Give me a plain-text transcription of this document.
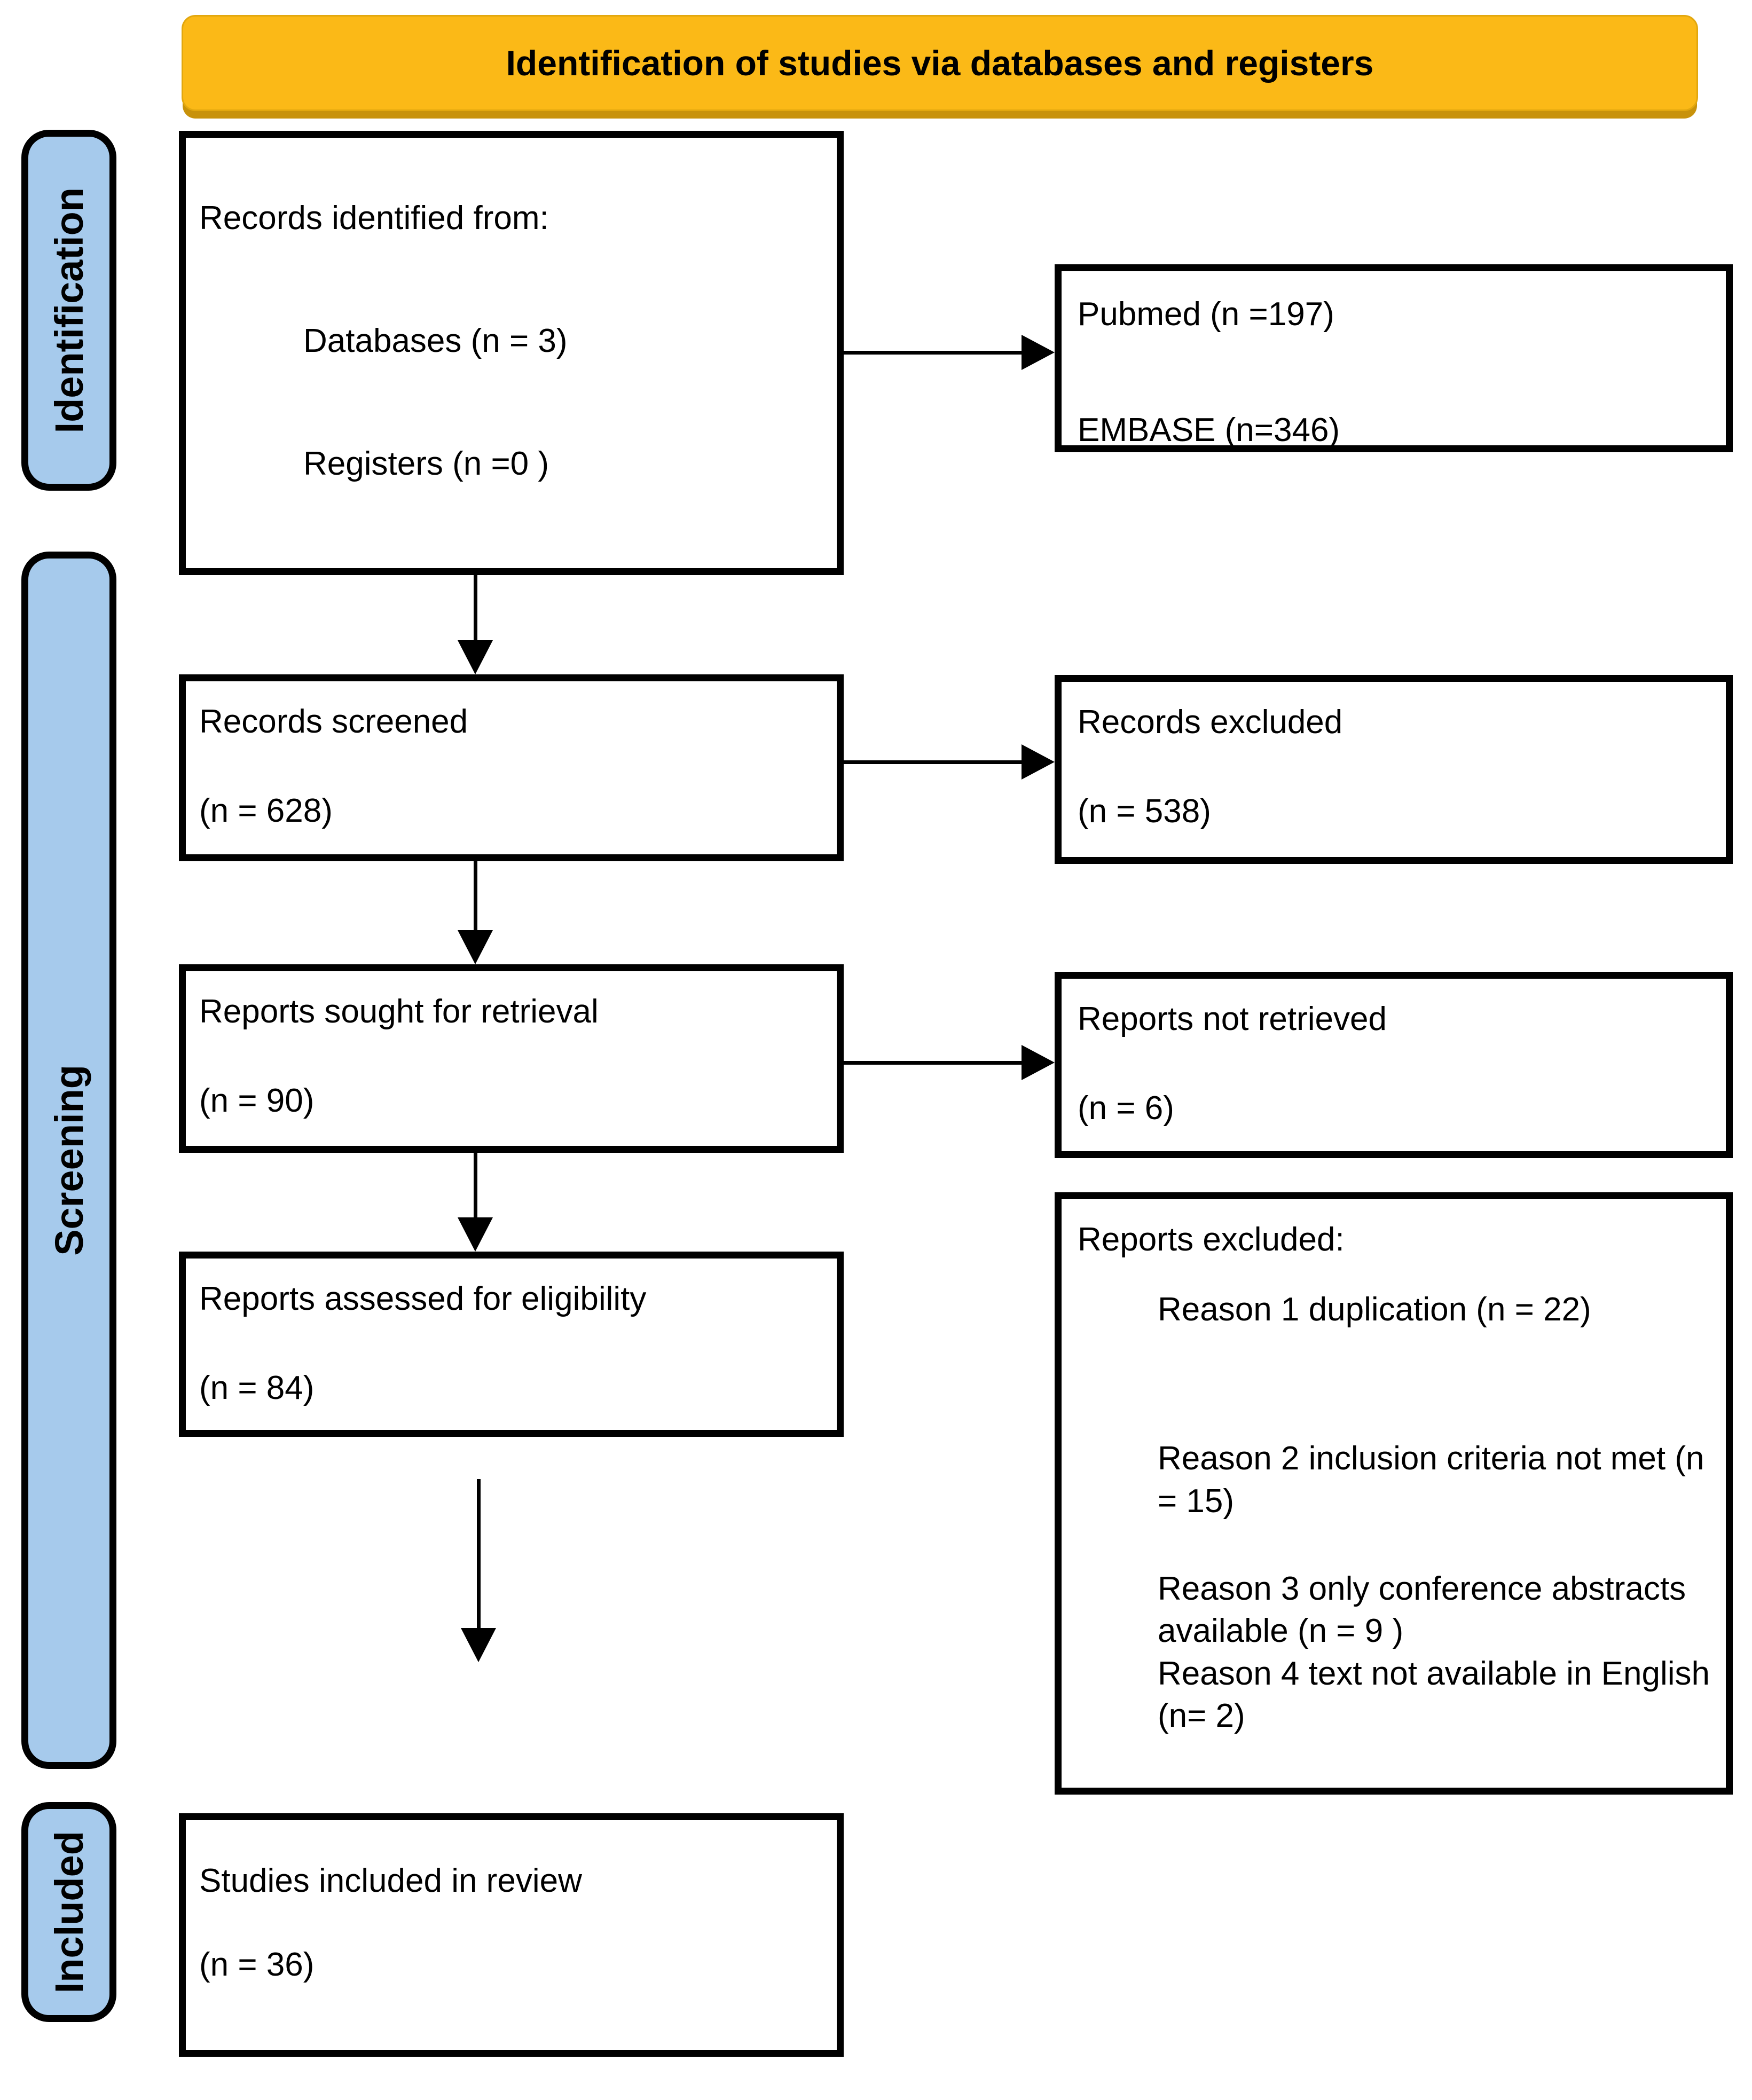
Identification of studies via databases and registers
Identification
Screening
Included

Records identified from:

Databases (n = 3)

Registers (n =0 )

Records screened

(n = 628)

Reports sought for retrieval

(n = 90)

Reports assessed for eligibility

(n = 84)

Studies included in review

(n = 36)

Pubmed (n =197)

EMBASE (n=346)

Records excluded

(n = 538)

Reports not retrieved

(n = 6)

Reports excluded:

Reason 1 duplication (n = 22)

Reason 2 inclusion criteria not met (n = 15)

Reason 3 only conference abstracts available (n = 9 )

Reason 4 text not available in English (n= 2)
